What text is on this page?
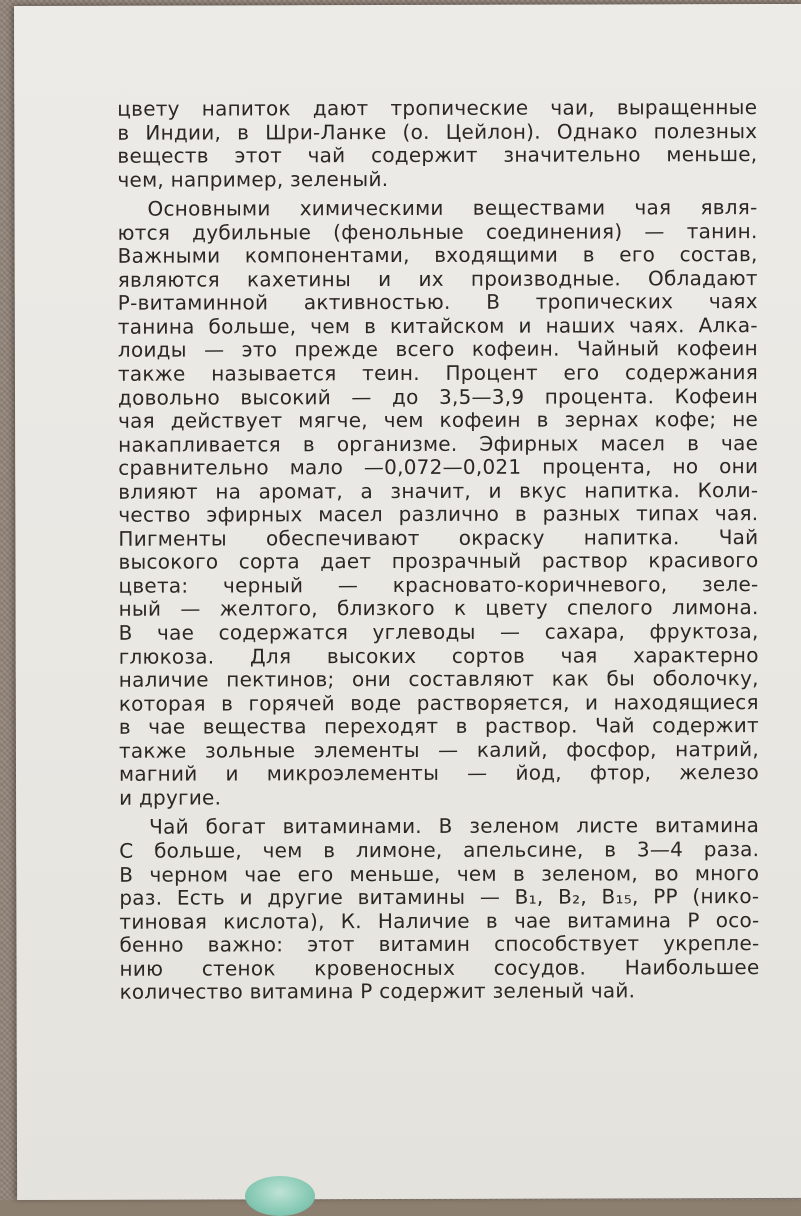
цвету напиток дают тропические чаи, выращенные
в Индии, в Шри-Ланке (о. Цейлон). Однако полезных
веществ этот чай содержит значительно меньше,
чем, например, зеленый.
Основными химическими веществами чая явля-
ются дубильные (фенольные соединения) — танин.
Важными компонентами, входящими в его состав,
являются кахетины и их производные. Обладают
Р-витаминной активностью. В тропических чаях
танина больше, чем в китайском и наших чаях. Алка-
лоиды — это прежде всего кофеин. Чайный кофеин
также называется теин. Процент его содержания
довольно высокий — до 3,5—3,9 процента. Кофеин
чая действует мягче, чем кофеин в зернах кофе; не
накапливается в организме. Эфирных масел в чае
сравнительно мало —0,072—0,021 процента, но они
влияют на аромат, а значит, и вкус напитка. Коли-
чество эфирных масел различно в разных типах чая.
Пигменты обеспечивают окраску напитка. Чай
высокого сорта дает прозрачный раствор красивого
цвета: черный — красновато-коричневого, зеле-
ный — желтого, близкого к цвету спелого лимона.
В чае содержатся углеводы — сахара, фруктоза,
глюкоза. Для высоких сортов чая характерно
наличие пектинов; они составляют как бы оболочку,
которая в горячей воде растворяется, и находящиеся
в чае вещества переходят в раствор. Чай содержит
также зольные элементы — калий, фосфор, натрий,
магний и микроэлементы — йод, фтор, железо
и другие.
Чай богат витаминами. В зеленом листе витамина
С больше, чем в лимоне, апельсине, в 3—4 раза.
В черном чае его меньше, чем в зеленом, во много
раз. Есть и другие витамины — B₁, B₂, B₁₅, PP (нико-
тиновая кислота), К. Наличие в чае витамина Р осо-
бенно важно: этот витамин способствует укрепле-
нию стенок кровеносных сосудов. Наибольшее
количество витамина Р содержит зеленый чай.
